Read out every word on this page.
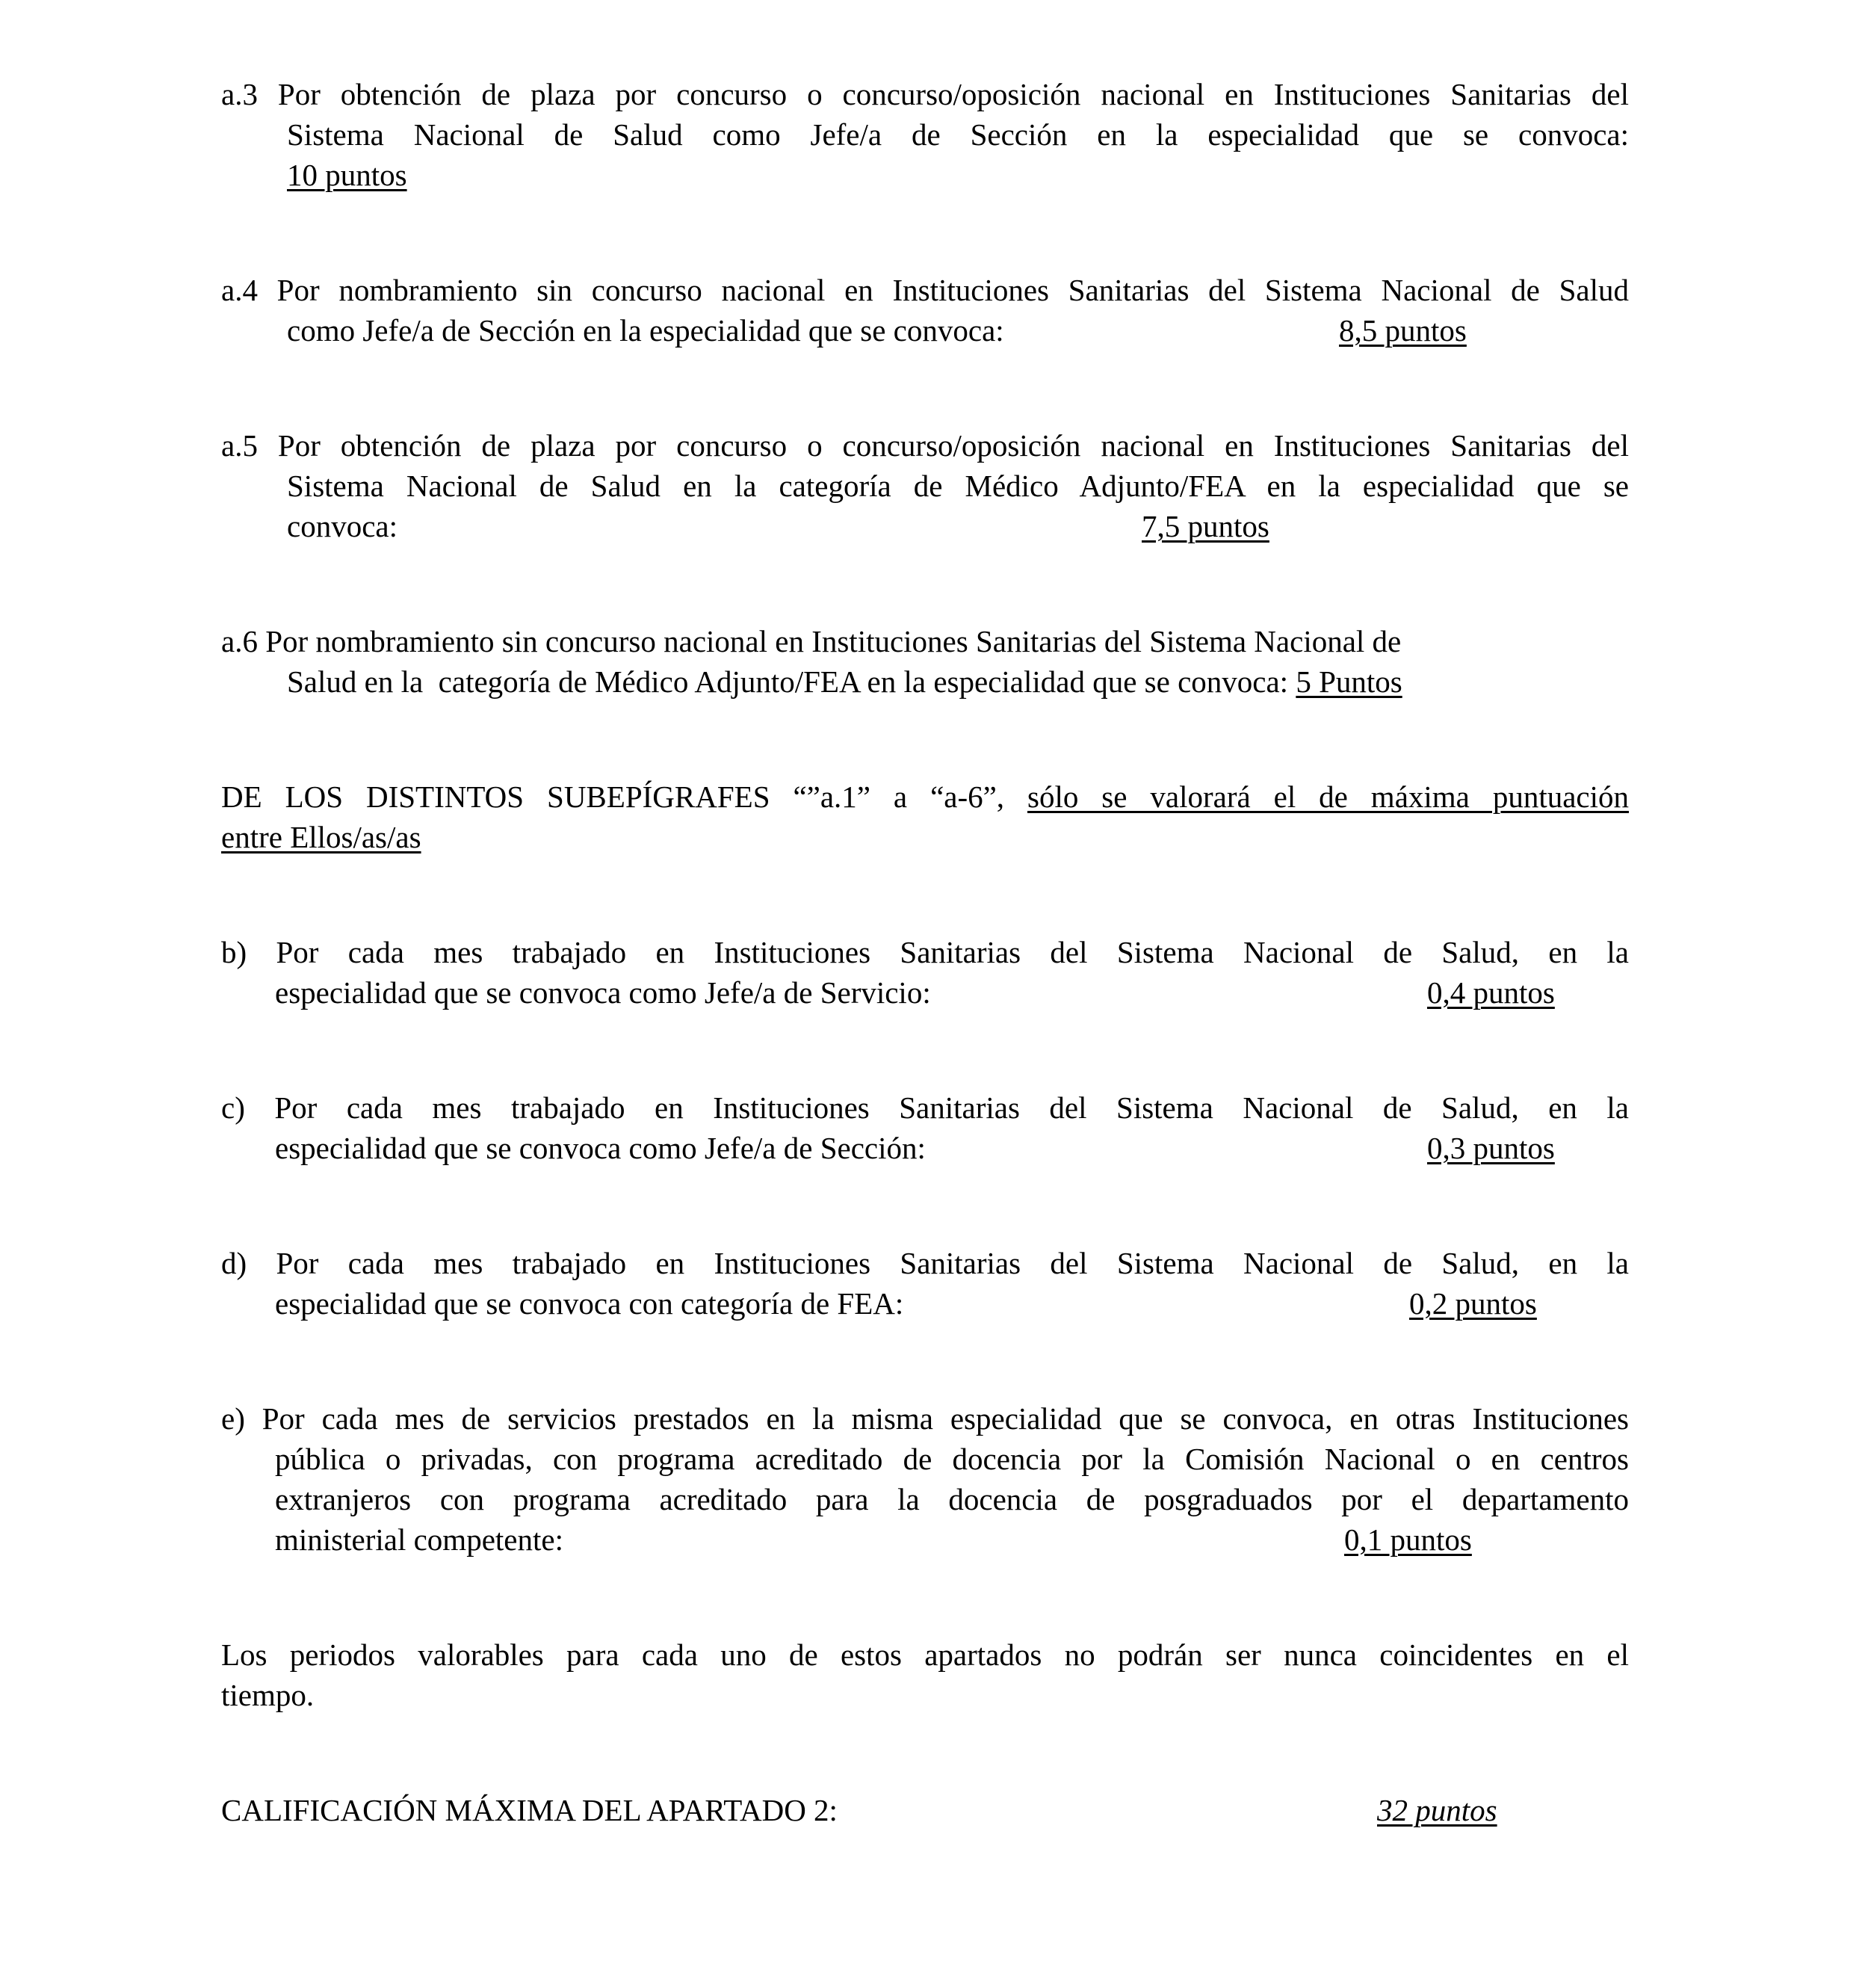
a.3 Por obtención de plaza por concurso o concurso/oposición nacional en Instituciones Sanitarias del
Sistema Nacional de Salud como Jefe/a de Sección en la especialidad que se convoca:
10 puntos
a.4 Por nombramiento sin concurso nacional en Instituciones Sanitarias del Sistema Nacional de Salud
como Jefe/a de Sección en la especialidad que se convoca:	8,5 puntos
a.5 Por obtención de plaza por concurso o concurso/oposición nacional en Instituciones Sanitarias del
Sistema Nacional de Salud en la categoría de Médico Adjunto/FEA en la especialidad que se
convoca:	7,5 puntos
a.6 Por nombramiento sin concurso nacional en Instituciones Sanitarias del Sistema Nacional de
Salud en la  categoría de Médico Adjunto/FEA en la especialidad que se convoca: 5 Puntos
DE LOS DISTINTOS SUBEPÍGRAFES “”a.1” a “a-6”, sólo se valorará el de máxima puntuación
entre Ellos/as/as
b) Por cada mes trabajado en Instituciones Sanitarias del Sistema Nacional de Salud, en la
especialidad que se convoca como Jefe/a de Servicio:	0,4 puntos
c) Por cada mes trabajado en Instituciones Sanitarias del Sistema Nacional de Salud, en la
especialidad que se convoca como Jefe/a de Sección:	0,3 puntos
d) Por cada mes trabajado en Instituciones Sanitarias del Sistema Nacional de Salud, en la
especialidad que se convoca con categoría de FEA:	0,2 puntos
e) Por cada mes de servicios prestados en la misma especialidad que se convoca, en otras Instituciones
pública o privadas, con programa acreditado de docencia por la Comisión Nacional o en centros
extranjeros con programa acreditado para la docencia de posgraduados por el departamento
ministerial competente:	0,1 puntos
Los periodos valorables para cada uno de estos apartados no podrán ser nunca coincidentes en el
tiempo.
CALIFICACIÓN MÁXIMA DEL APARTADO 2:	32 puntos
